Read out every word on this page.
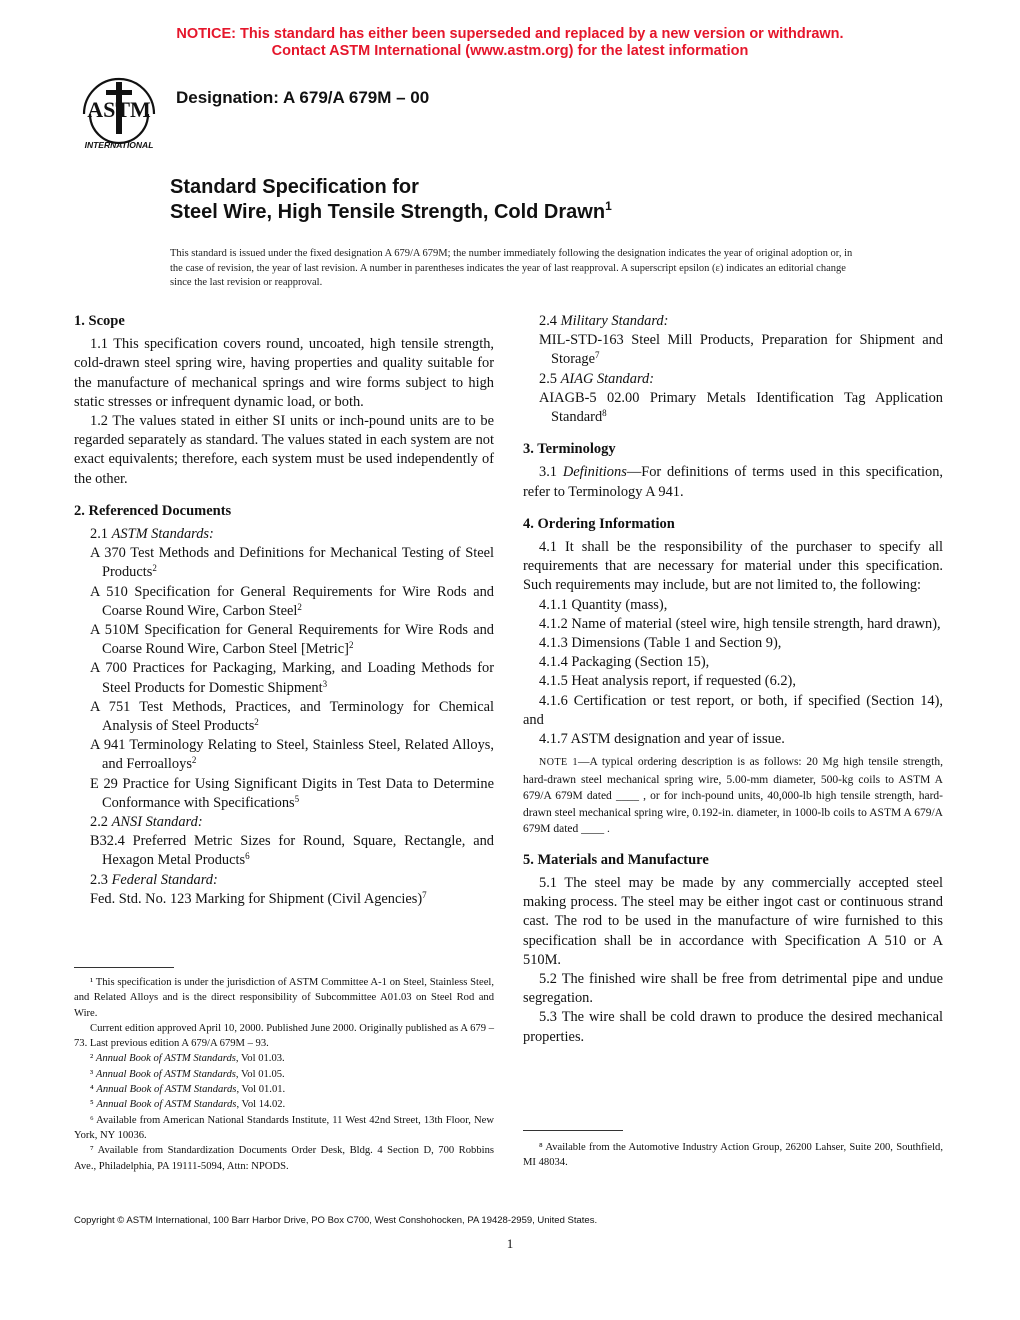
NOTICE: This standard has either been superseded and replaced by a new version or withdrawn.
Contact ASTM International (www.astm.org) for the latest information
ASTM
INTERNATIONAL
Designation: A 679/A 679M – 00
Standard Specification for
Steel Wire, High Tensile Strength, Cold Drawn$^1$
This standard is issued under the fixed designation A 679/A 679M; the number immediately following the designation indicates the year of original adoption or, in the case of revision, the year of last revision. A number in parentheses indicates the year of last reapproval. A superscript epsilon (ε) indicates an editorial change since the last revision or reapproval.
1. Scope

1.1 This specification covers round, uncoated, high tensile strength, cold-drawn steel spring wire, having properties and quality suitable for the manufacture of mechanical springs and wire forms subject to high static stresses or infrequent dynamic load, or both.

1.2 The values stated in either SI units or inch-pound units are to be regarded separately as standard. The values stated in each system are not exact equivalents; therefore, each system must be used independently of the other.

2. Referenced Documents

2.1 ASTM Standards:

A 370 Test Methods and Definitions for Mechanical Testing of Steel Products$^2$

A 510 Specification for General Requirements for Wire Rods and Coarse Round Wire, Carbon Steel$^2$

A 510M Specification for General Requirements for Wire Rods and Coarse Round Wire, Carbon Steel [Metric]$^2$

A 700 Practices for Packaging, Marking, and Loading Methods for Steel Products for Domestic Shipment$^3$

A 751 Test Methods, Practices, and Terminology for Chemical Analysis of Steel Products$^2$

A 941 Terminology Relating to Steel, Stainless Steel, Related Alloys, and Ferroalloys$^2$

E 29 Practice for Using Significant Digits in Test Data to Determine Conformance with Specifications$^5$

2.2 ANSI Standard:

B32.4 Preferred Metric Sizes for Round, Square, Rectangle, and Hexagon Metal Products$^6$

2.3 Federal Standard:

Fed. Std. No. 123 Marking for Shipment (Civil Agencies)$^7$

2.4 Military Standard:

MIL-STD-163 Steel Mill Products, Preparation for Shipment and Storage$^7$

2.5 AIAG Standard:

AIAGB-5 02.00 Primary Metals Identification Tag Application Standard$^8$

3. Terminology

3.1 Definitions—For definitions of terms used in this specification, refer to Terminology A 941.

4. Ordering Information

4.1 It shall be the responsibility of the purchaser to specify all requirements that are necessary for material under this specification. Such requirements may include, but are not limited to, the following:

4.1.1 Quantity (mass),

4.1.2 Name of material (steel wire, high tensile strength, hard drawn),

4.1.3 Dimensions (Table 1 and Section 9),

4.1.4 Packaging (Section 15),

4.1.5 Heat analysis report, if requested (6.2),

4.1.6 Certification or test report, or both, if specified (Section 14), and

4.1.7 ASTM designation and year of issue.

NOTE 1—A typical ordering description is as follows: 20 Mg high tensile strength, hard-drawn steel mechanical spring wire, 5.00-mm diameter, 500-kg coils to ASTM A 679/A 679M dated ____ , or for inch-pound units, 40,000-lb high tensile strength, hard-drawn steel mechanical spring wire, 0.192-in. diameter, in 1000-lb coils to ASTM A 679/A 679M dated ____ .

5. Materials and Manufacture

5.1 The steel may be made by any commercially accepted steel making process. The steel may be either ingot cast or continuous strand cast. The rod to be used in the manufacture of wire furnished to this specification shall be in accordance with Specification A 510 or A 510M.

5.2 The finished wire shall be free from detrimental pipe and undue segregation.

5.3 The wire shall be cold drawn to produce the desired mechanical properties.

¹ This specification is under the jurisdiction of ASTM Committee A-1 on Steel, Stainless Steel, and Related Alloys and is the direct responsibility of Subcommittee A01.03 on Steel Rod and Wire.

Current edition approved April 10, 2000. Published June 2000. Originally published as A 679 – 73. Last previous edition A 679/A 679M – 93.

² Annual Book of ASTM Standards, Vol 01.03.

³ Annual Book of ASTM Standards, Vol 01.05.

⁴ Annual Book of ASTM Standards, Vol 01.01.

⁵ Annual Book of ASTM Standards, Vol 14.02.

⁶ Available from American National Standards Institute, 11 West 42nd Street, 13th Floor, New York, NY 10036.

⁷ Available from Standardization Documents Order Desk, Bldg. 4 Section D, 700 Robbins Ave., Philadelphia, PA 19111-5094, Attn: NPODS.

⁸ Available from the Automotive Industry Action Group, 26200 Lahser, Suite 200, Southfield, MI 48034.

Copyright © ASTM International, 100 Barr Harbor Drive, PO Box C700, West Conshohocken, PA 19428-2959, United States.
1
